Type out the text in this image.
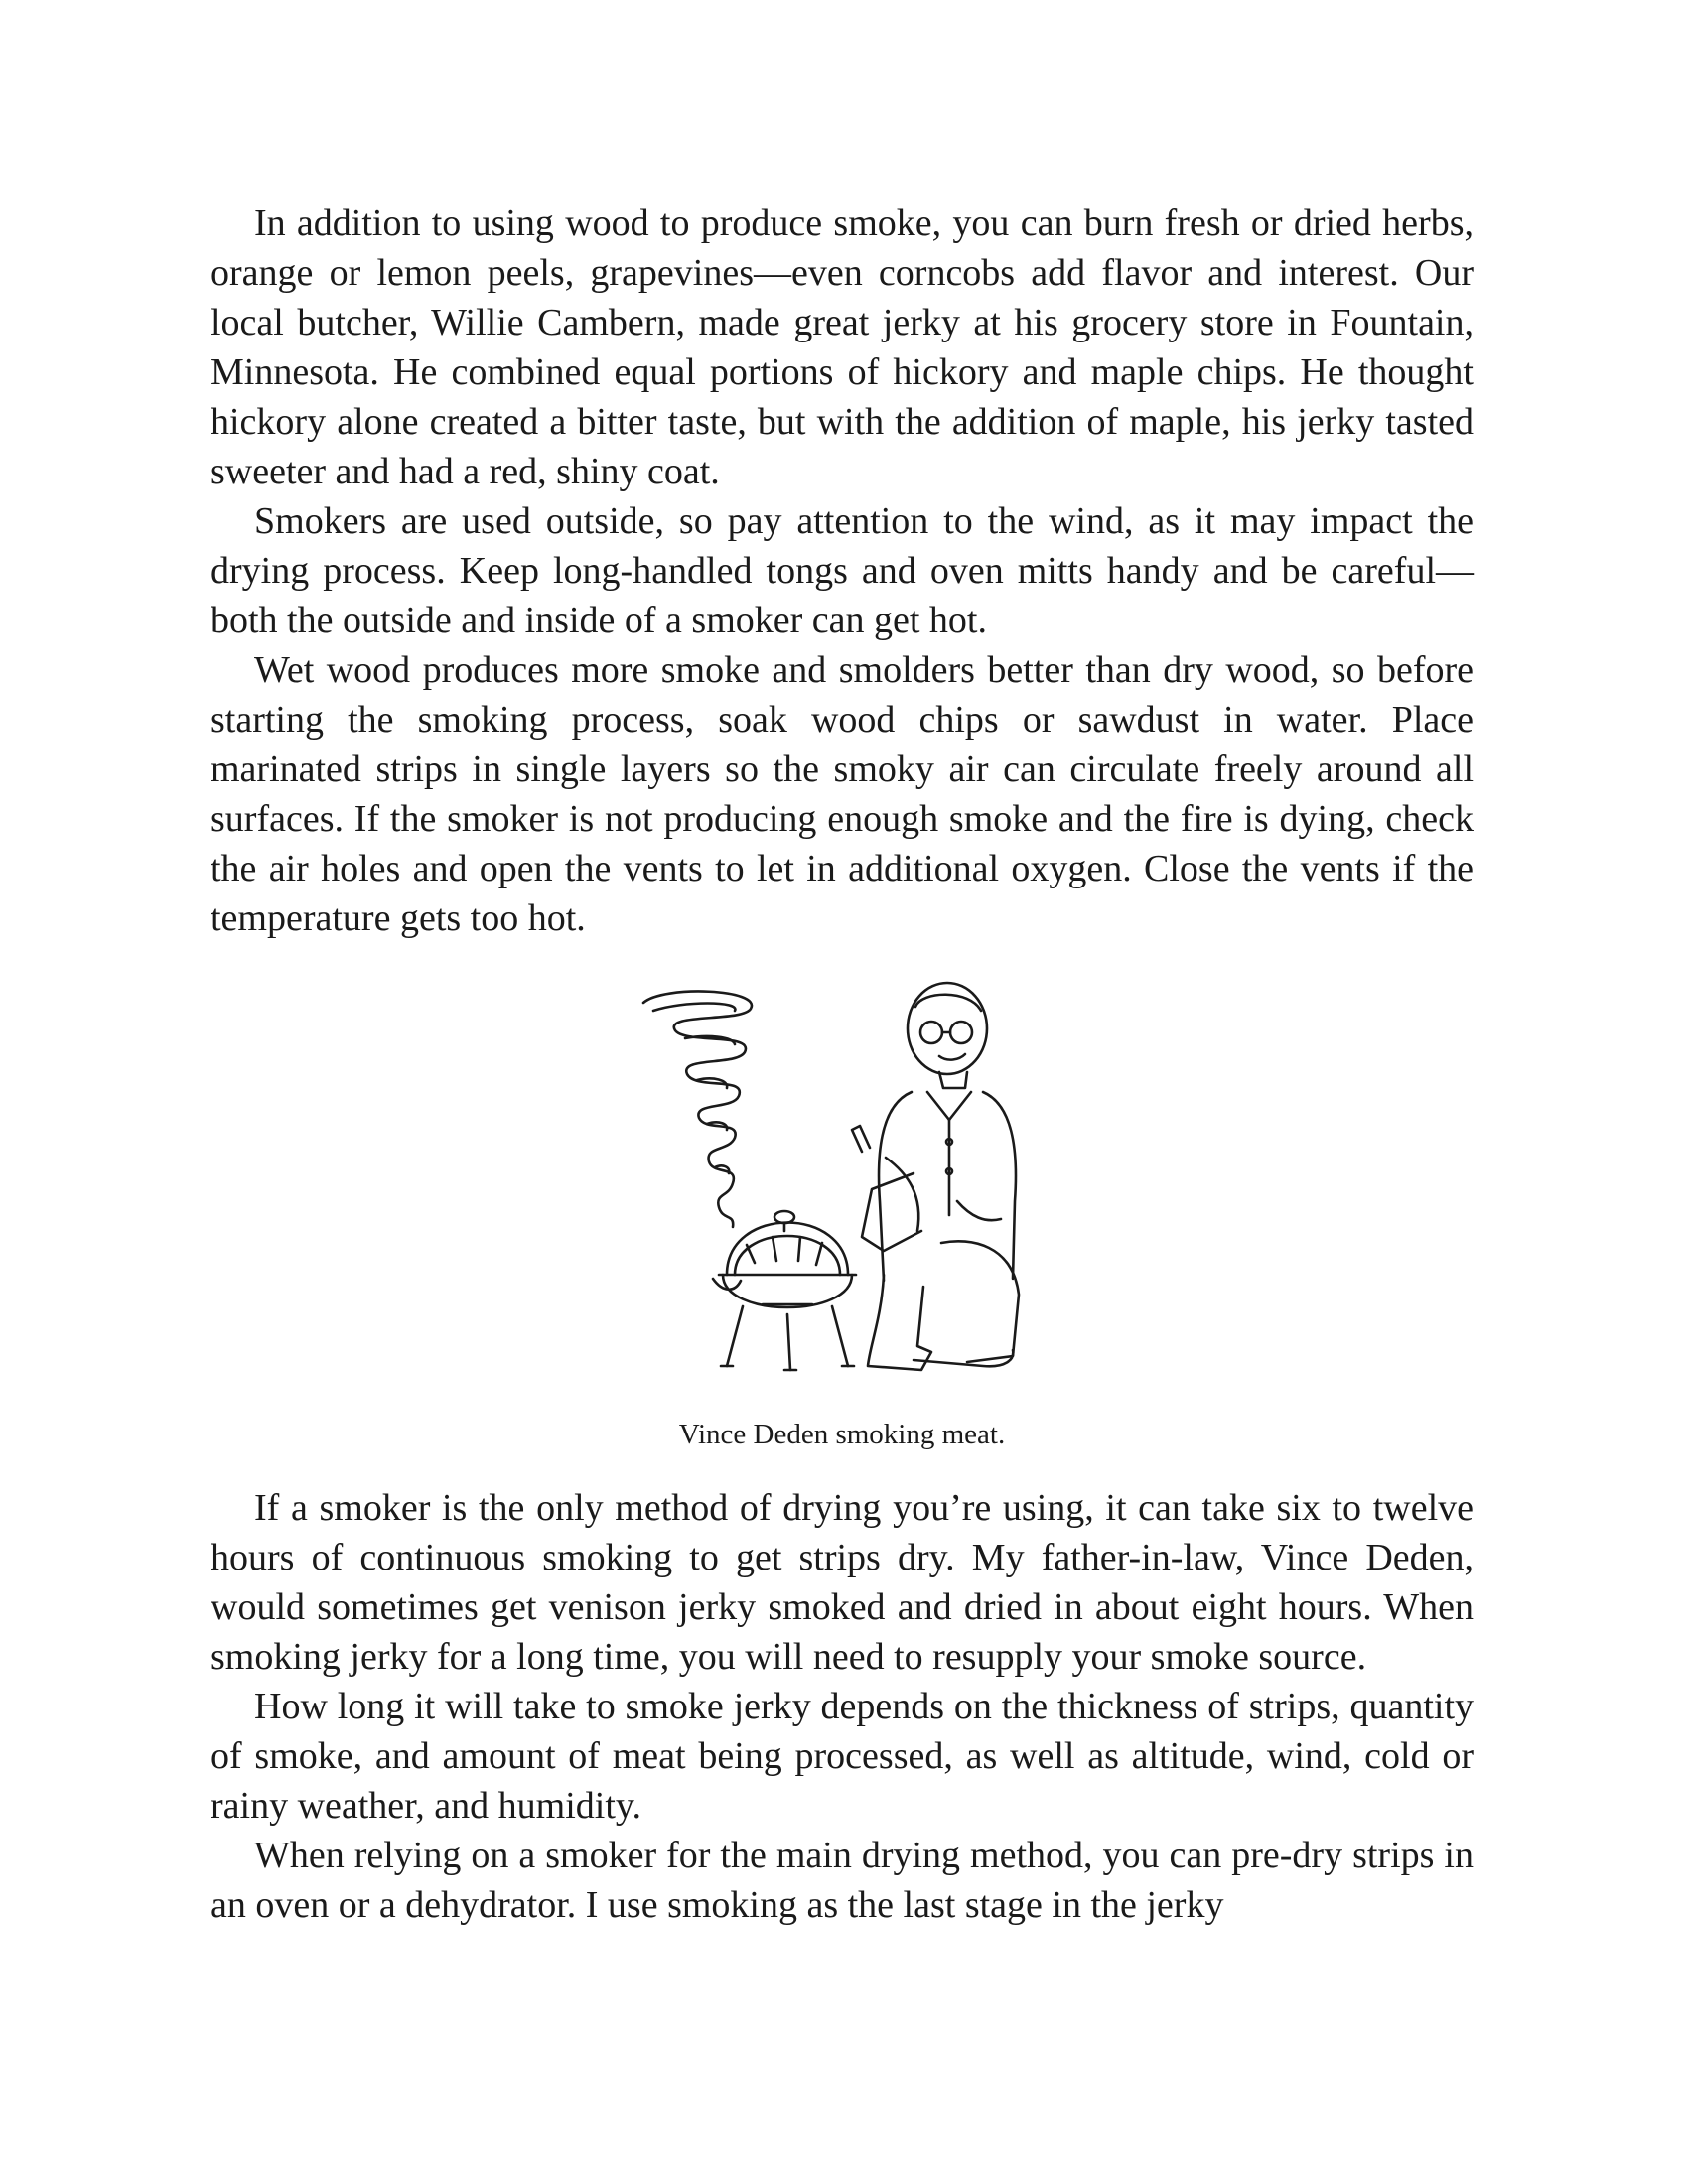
In addition to using wood to produce smoke, you can burn fresh or dried herbs, orange or lemon peels, grapevines—even corncobs add flavor and interest. Our local butcher, Willie Cambern, made great jerky at his grocery store in Fountain, Minnesota. He combined equal portions of hickory and maple chips. He thought hickory alone created a bitter taste, but with the addition of maple, his jerky tasted sweeter and had a red, shiny coat.

Smokers are used outside, so pay attention to the wind, as it may impact the drying process. Keep long-handled tongs and oven mitts handy and be careful—both the outside and inside of a smoker can get hot.

Wet wood produces more smoke and smolders better than dry wood, so before starting the smoking process, soak wood chips or sawdust in water. Place marinated strips in single layers so the smoky air can circulate freely around all surfaces. If the smoker is not producing enough smoke and the fire is dying, check the air holes and open the vents to let in additional oxygen. Close the vents if the temperature gets too hot.

Vince Deden smoking meat.

If a smoker is the only method of drying you’re using, it can take six to twelve hours of continuous smoking to get strips dry. My father-in-law, Vince Deden, would sometimes get venison jerky smoked and dried in about eight hours. When smoking jerky for a long time, you will need to resupply your smoke source.

How long it will take to smoke jerky depends on the thickness of strips, quantity of smoke, and amount of meat being processed, as well as altitude, wind, cold or rainy weather, and humidity.

When relying on a smoker for the main drying method, you can pre-dry strips in an oven or a dehydrator. I use smoking as the last stage in the jerky
